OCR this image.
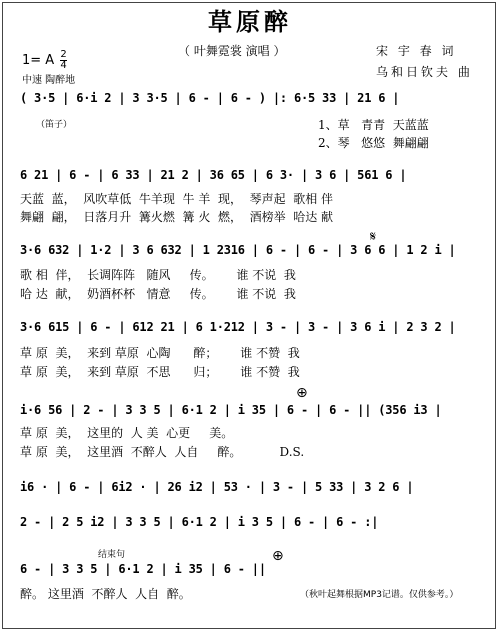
草原醉
（ 叶舞霓裳 演唱 ）	宋 宇 春 词
乌和日钦夫 曲
1= A $\frac{2}{4}$
中速 陶醉地
( 3·5 | 6·i 2 | 3 3·5 | 6 - | 6 - ) |: 6·5 33 | 21 6 |
（笛子）	1、草   青青  天蓝蓝
2、琴   悠悠  舞翩翩
6 21 | 6 - | 6 33 | 21 2 | 36 65 | 6 3· | 3 6 | 561 6 |
天蓝  蓝，  风吹草低  牛羊现  牛 羊  现，  琴声起  歌相 伴
舞翩  翩，  日落月升  篝火燃  篝 火  燃，  酒榜举  哈达 献
𝄋
3·6 632 | 1·2 | 3 6 632 | 1 2316 | 6 - | 6 - | 3 6 6 | 1 2 i |
歌 相  伴，  长调阵阵   随风     传。      谁 不说  我
哈 达  献，  奶酒杯杯   情意     传。      谁 不说  我
3·6 615 | 6 - | 612 21 | 6 1·212 | 3 - | 3 - | 3 6 i | 2 3 2 |
草 原  美，  来到 草原  心陶      醉；      谁 不赞  我
草 原  美，  来到 草原  不思      归；      谁 不赞  我
⊕
i·6 56 | 2 - | 3 3 5 | 6·1 2 | i 35 | 6 - | 6 - || (356 i3 |
草 原  美，  这里的  人 美  心更     美。
草 原  美，  这里酒  不醉人  人自     醉。          D.S.
i6 · | 6 - | 6i2 · | 26 i2 | 53 · | 3 - | 5 33 | 3 2 6 |
2 - | 2 5 i2 | 3 3 5 | 6·1 2 | i 3 5 | 6 - | 6 - :|
结束句	⊕
6 - | 3 3 5 | 6·1 2 | i 35 | 6 - ||
醉。 这里酒  不醉人  人自  醉。	（秋叶起舞根据MP3记谱。仅供参考。）
